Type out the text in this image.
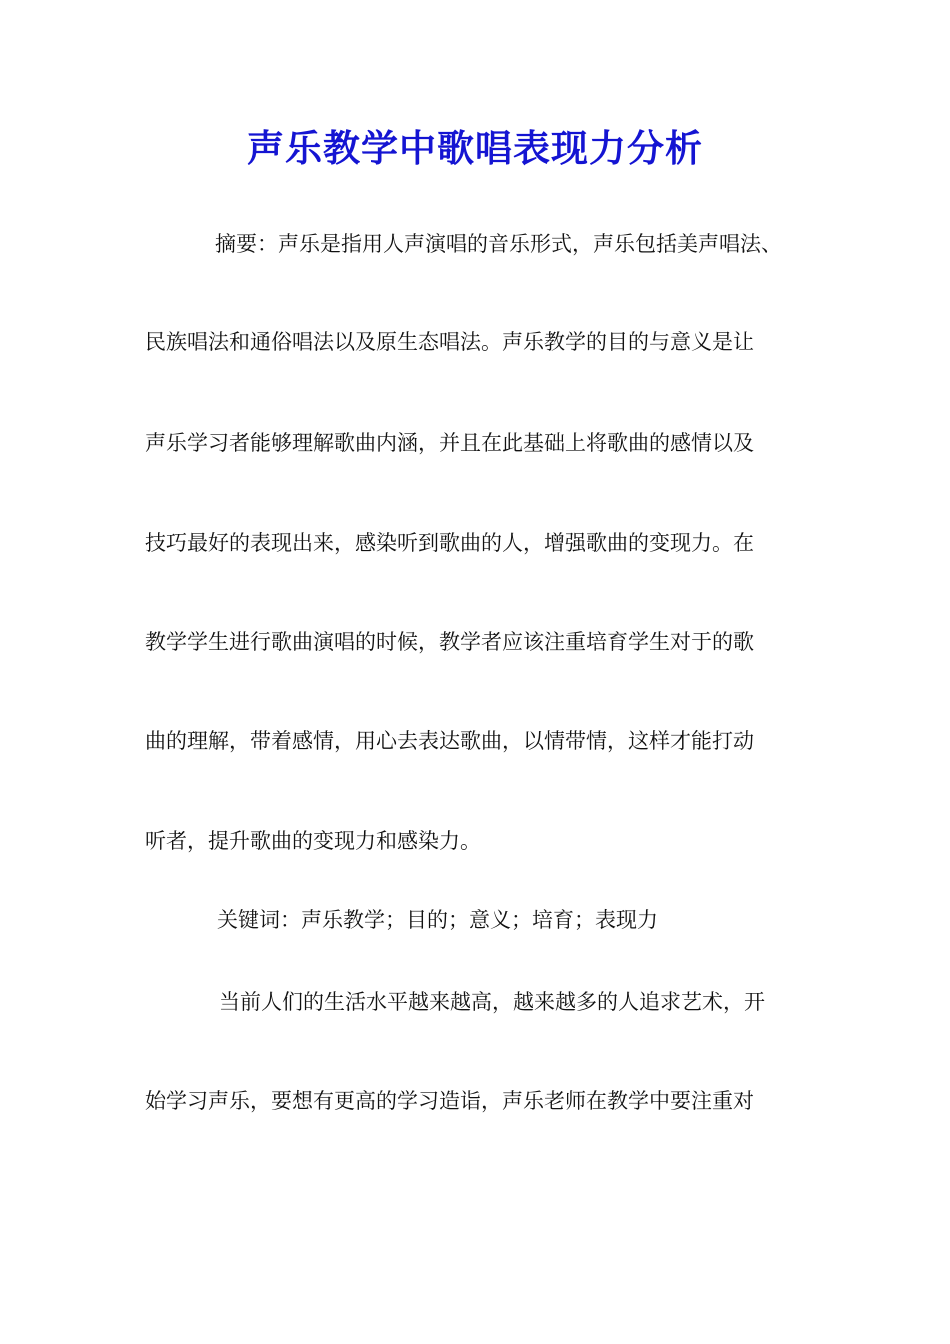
声乐教学中歌唱表现力分析

摘要：声乐是指用人声演唱的音乐形式，声乐包括美声唱法、

民族唱法和通俗唱法以及原生态唱法。声乐教学的目的与意义是让

声乐学习者能够理解歌曲内涵，并且在此基础上将歌曲的感情以及

技巧最好的表现出来，感染听到歌曲的人，增强歌曲的变现力。在

教学学生进行歌曲演唱的时候，教学者应该注重培育学生对于的歌

曲的理解，带着感情，用心去表达歌曲，以情带情，这样才能打动

听者，提升歌曲的变现力和感染力。

关键词：声乐教学；目的；意义；培育；表现力

当前人们的生活水平越来越高，越来越多的人追求艺术，开

始学习声乐，要想有更高的学习造诣，声乐老师在教学中要注重对
